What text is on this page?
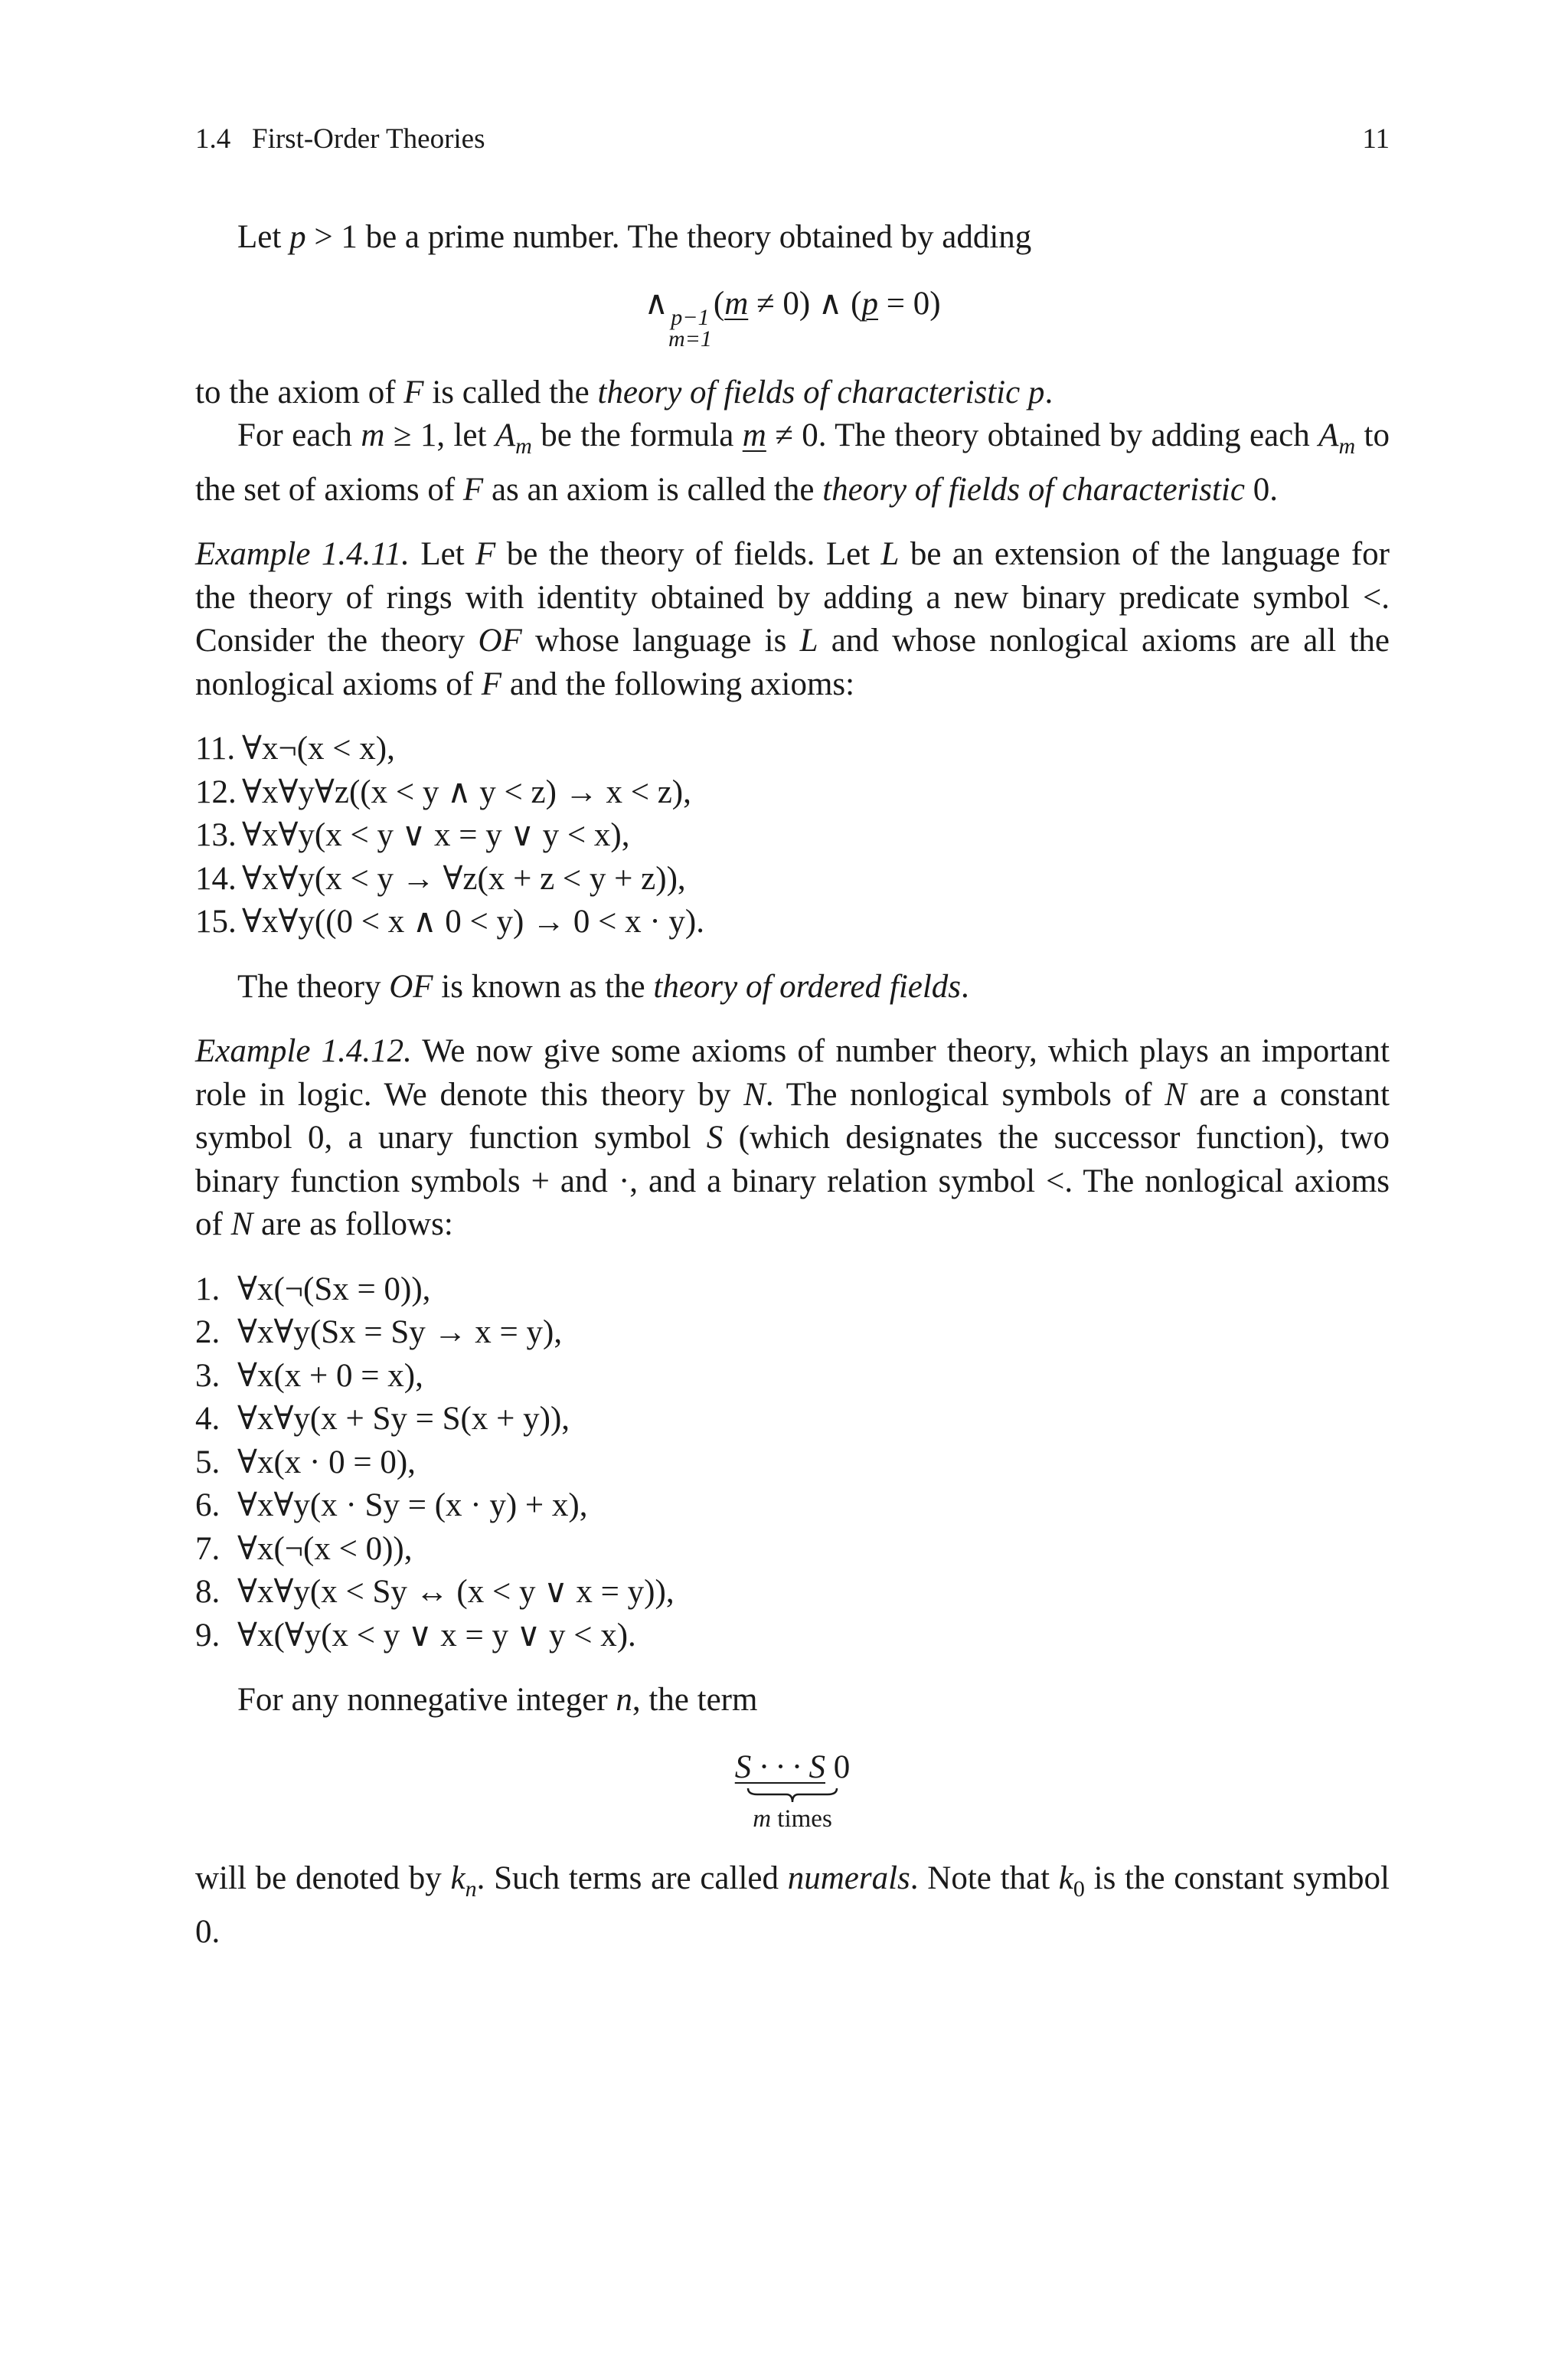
1.4   First-Order Theories	11

Let p > 1 be a prime number. The theory obtained by adding

∧ p−1
m=1
(m ≠ 0) ∧ (p = 0)

to the axiom of F is called the theory of fields of characteristic p.

For each m ≥ 1, let $A_m$ be the formula m ≠ 0. The theory obtained by adding each $A_m$ to the set of axioms of F as an axiom is called the theory of fields of characteristic 0.

Example 1.4.11. Let F be the theory of fields. Let L be an extension of the language for the theory of rings with identity obtained by adding a new binary predicate symbol <. Consider the theory OF whose language is L and whose nonlogical axioms are all the nonlogical axioms of F and the following axioms:

11. ∀x¬(x < x),
12. ∀x∀y∀z((x < y ∧ y < z) → x < z),
13. ∀x∀y(x < y ∨ x = y ∨ y < x),
14. ∀x∀y(x < y → ∀z(x + z < y + z)),
15. ∀x∀y((0 < x ∧ 0 < y) → 0 < x · y).

The theory OF is known as the theory of ordered fields.

Example 1.4.12. We now give some axioms of number theory, which plays an important role in logic. We denote this theory by N. The nonlogical symbols of N are a constant symbol 0, a unary function symbol S (which designates the successor function), two binary function symbols + and ·, and a binary relation symbol <. The nonlogical axioms of N are as follows:

1. ∀x(¬(Sx = 0)),
2. ∀x∀y(Sx = Sy → x = y),
3. ∀x(x + 0 = x),
4. ∀x∀y(x + Sy = S(x + y)),
5. ∀x(x · 0 = 0),
6. ∀x∀y(x · Sy = (x · y) + x),
7. ∀x(¬(x < 0)),
8. ∀x∀y(x < Sy ↔ (x < y ∨ x = y)),
9. ∀x(∀y(x < y ∨ x = y ∨ y < x).

For any nonnegative integer n, the term

S · · · S 0
m times

will be denoted by $k_n$. Such terms are called numerals. Note that $k_0$ is the constant symbol 0.
